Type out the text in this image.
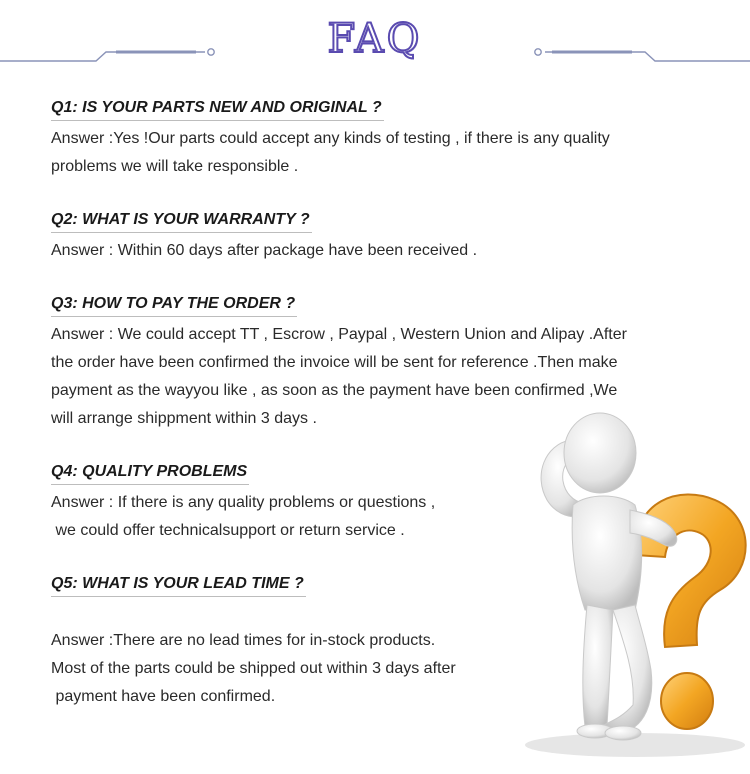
FAQ
Q1: IS YOUR PARTS NEW AND ORIGINAL ?
Answer :Yes !Our parts could accept any kinds of testing , if there is any quality
problems we will take responsible .
Q2: WHAT IS YOUR WARRANTY ?
Answer : Within 60 days after package have been received .
Q3: HOW TO PAY THE ORDER ?
Answer : We could accept TT , Escrow , Paypal , Western Union and Alipay .After
the order have been confirmed the invoice will be sent for reference .Then make
payment as the wayyou like , as soon as the payment have been confirmed ,We
will arrange shippment within 3 days .
Q4: QUALITY PROBLEMS
Answer : If there is any quality problems or questions ,
we could offer technicalsupport or return service .
Q5: WHAT IS YOUR LEAD TIME ?
Answer :There are no lead times for in-stock products.
Most of the parts could be shipped out within 3 days after
payment have been confirmed.
